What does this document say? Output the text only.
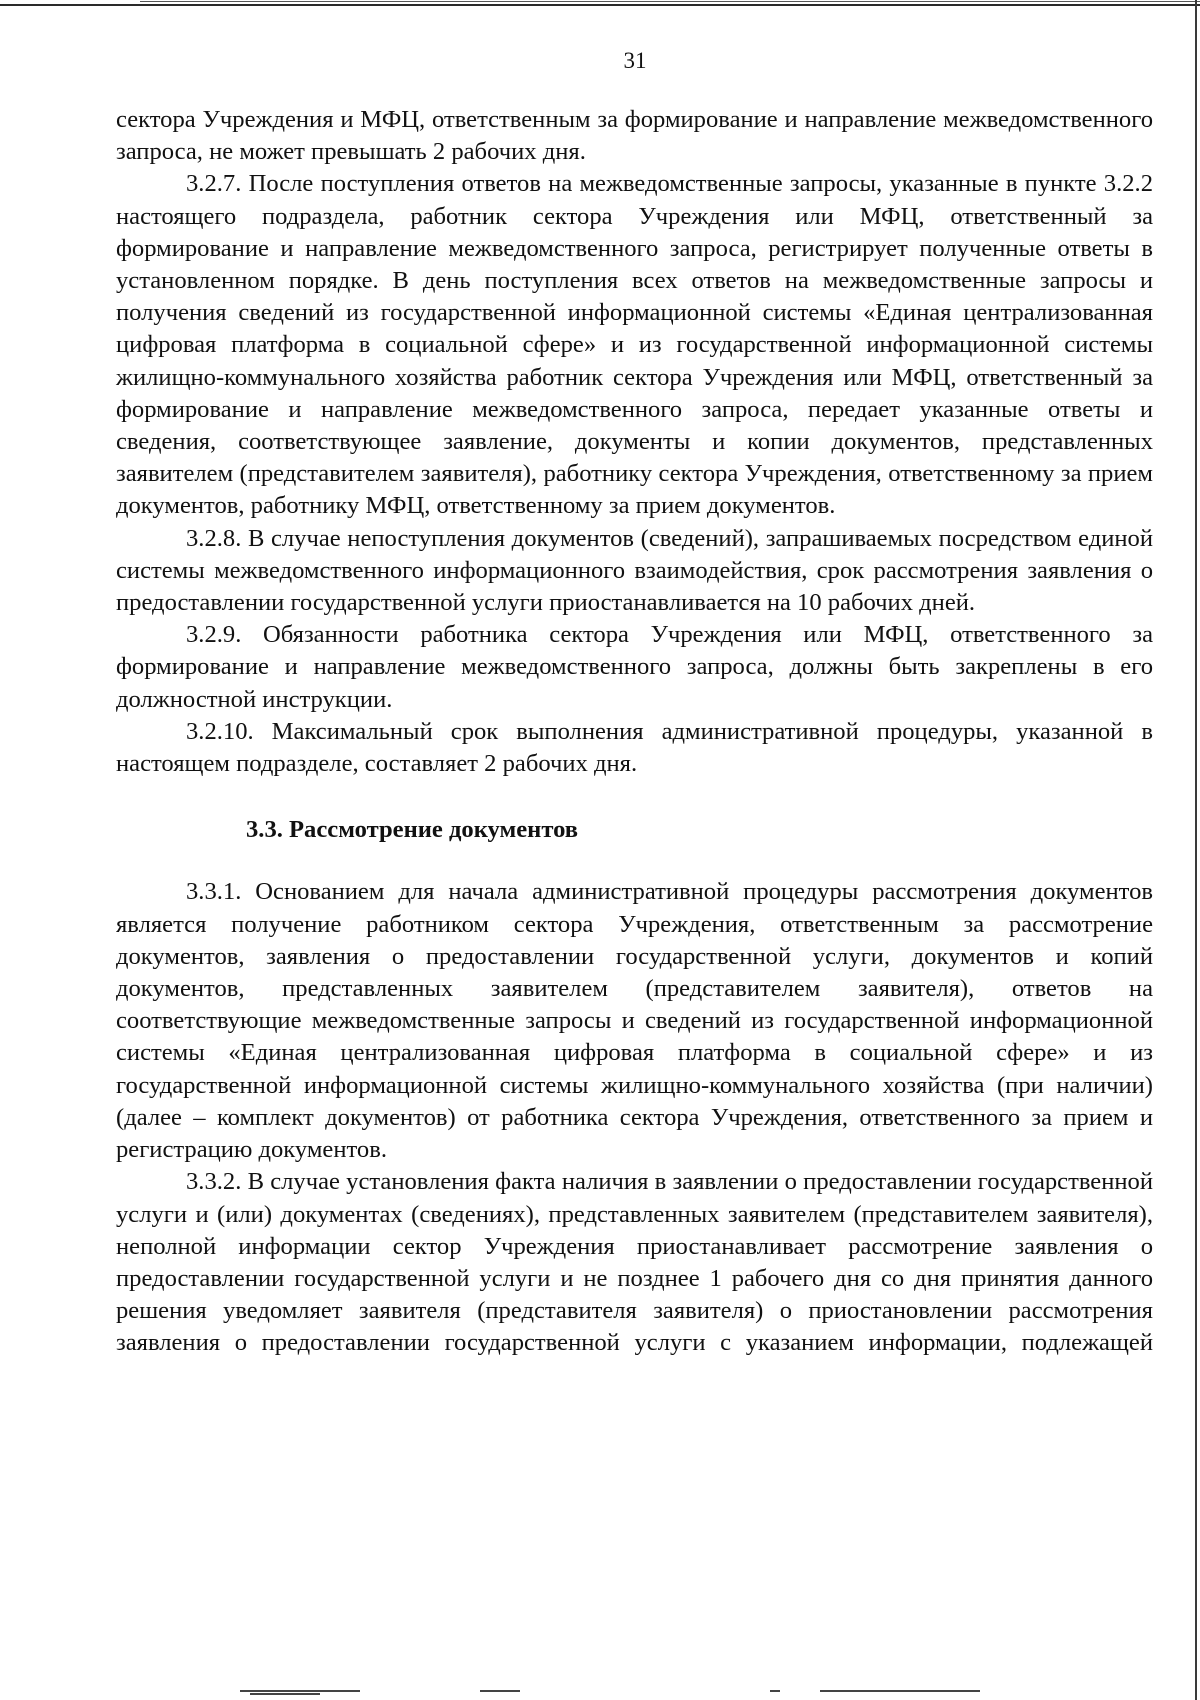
31

сектора Учреждения и МФЦ, ответственным за формирование и направление межведомственного запроса, не может превышать 2 рабочих дня.

3.2.7. После поступления ответов на межведомственные запросы, указанные в пункте 3.2.2 настоящего подраздела, работник сектора Учреждения или МФЦ, ответственный за формирование и направление межведомственного запроса, регистрирует полученные ответы в установленном порядке. В день поступления всех ответов на межведомственные запросы и получения сведений из государственной информационной системы «Единая централизованная цифровая платформа в социальной сфере» и из государственной информационной системы жилищно-коммунального хозяйства работник сектора Учреждения или МФЦ, ответственный за формирование и направление межведомственного запроса, передает указанные ответы и сведения, соответствующее заявление, документы и копии документов, представленных заявителем (представителем заявителя), работнику сектора Учреждения, ответственному за прием документов, работнику МФЦ, ответственному за прием документов.

3.2.8. В случае непоступления документов (сведений), запрашиваемых посредством единой системы межведомственного информационного взаимодействия, срок рассмотрения заявления о предоставлении государственной услуги приостанавливается на 10 рабочих дней.

3.2.9. Обязанности работника сектора Учреждения или МФЦ, ответственного за формирование и направление межведомственного запроса, должны быть закреплены в его должностной инструкции.

3.2.10. Максимальный срок выполнения административной процедуры, указанной в настоящем подразделе, составляет 2 рабочих дня.

3.3. Рассмотрение документов

3.3.1. Основанием для начала административной процедуры рассмотрения документов является получение работником сектора Учреждения, ответственным за рассмотрение документов, заявления о предоставлении государственной услуги, документов и копий документов, представленных заявителем (представителем заявителя), ответов на соответствующие межведомственные запросы и сведений из государственной информационной системы «Единая централизованная цифровая платформа в социальной сфере» и из государственной информационной системы жилищно-коммунального хозяйства (при наличии) (далее – комплект документов) от работника сектора Учреждения, ответственного за прием и регистрацию документов.

3.3.2. В случае установления факта наличия в заявлении о предоставлении государственной услуги и (или) документах (сведениях), представленных заявителем (представителем заявителя), неполной информации сектор Учреждения приостанавливает рассмотрение заявления о предоставлении государственной услуги и не позднее 1 рабочего дня со дня принятия данного решения уведомляет заявителя (представителя заявителя) о приостановлении рассмотрения заявления о предоставлении государственной услуги с указанием информации, подлежащей
